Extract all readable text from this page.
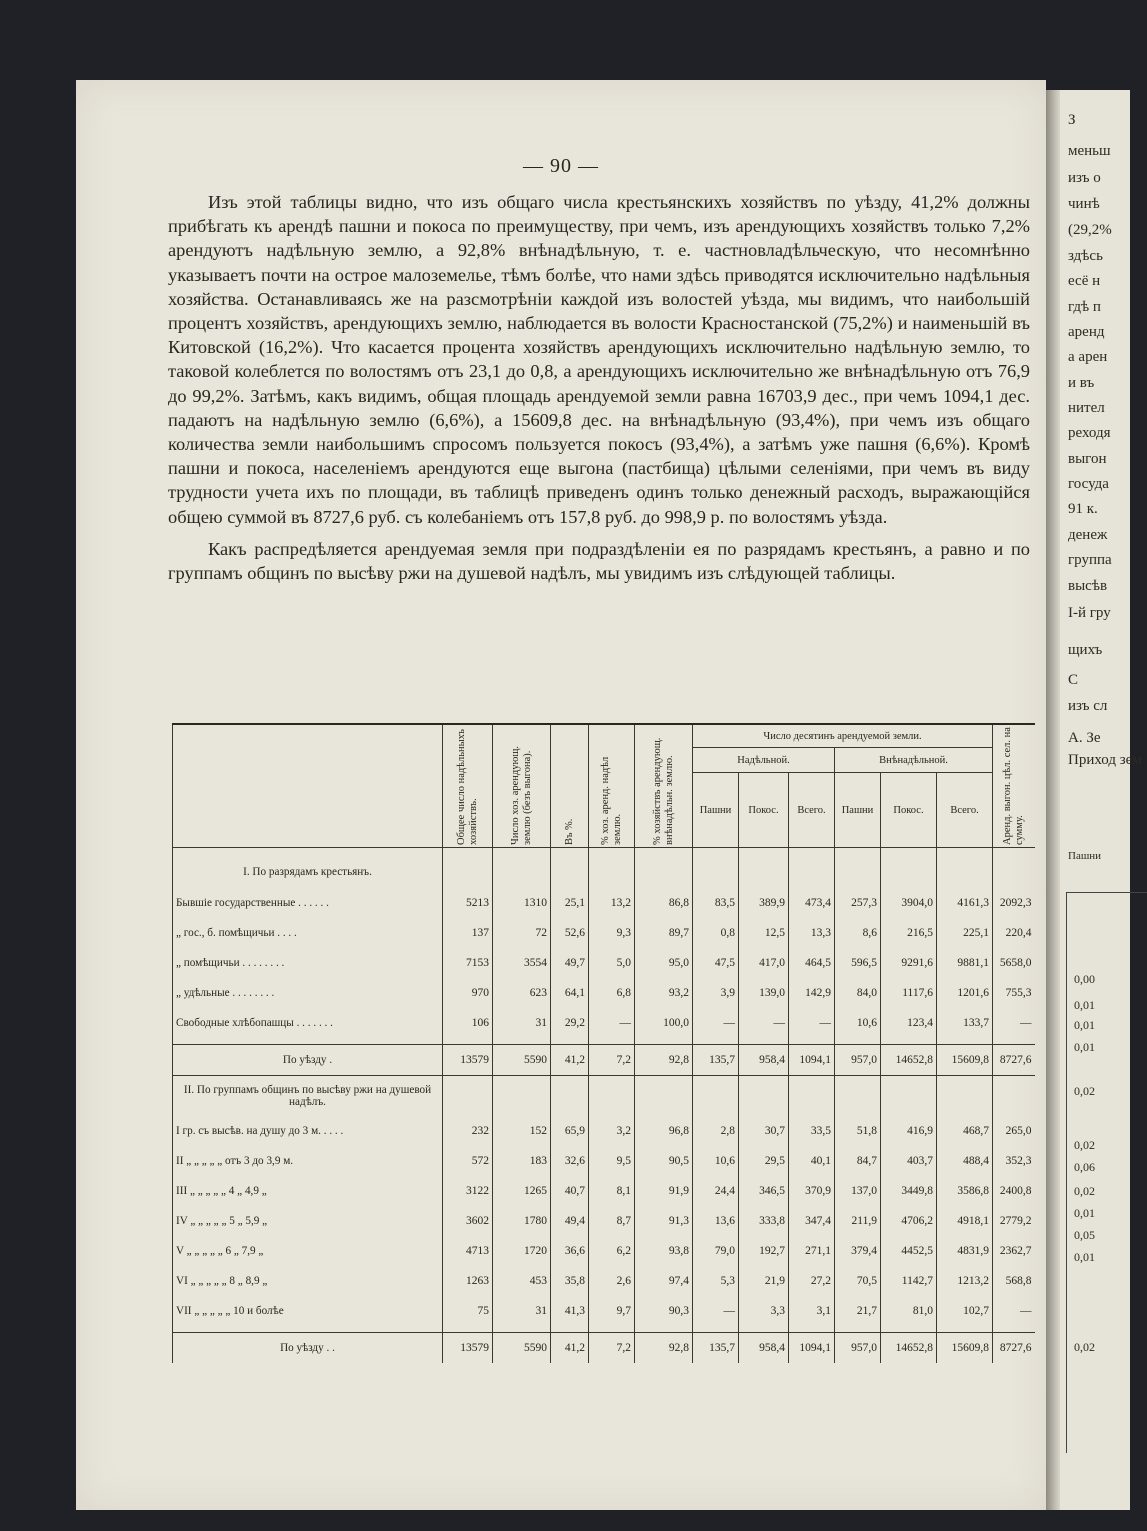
— 90 —

Изъ этой таблицы видно, что изъ общаго числа крестьянскихъ хозяйствъ по уѣзду, 41,2% должны прибѣгать къ арендѣ пашни и покоса по преимуществу, при чемъ, изъ арендующихъ хозяйствъ только 7,2% арендуютъ надѣльную землю, а 92,8% внѣнадѣльную, т. е. частновладѣльческую, что несомнѣнно указываетъ почти на острое малоземелье, тѣмъ болѣе, что нами здѣсь приводятся исключительно надѣльныя хозяйства. Останавливаясь же на разсмотрѣніи каждой изъ волостей уѣзда, мы видимъ, что наибольшій процентъ хозяйствъ, арендующихъ землю, наблюдается въ волости Красностанской (75,2%) и наименьшій въ Китовской (16,2%). Что касается процента хозяйствъ арендующихъ исключительно надѣльную землю, то таковой колеблется по волостямъ отъ 23,1 до 0,8, а арендующихъ исключительно же внѣнадѣльную отъ 76,9 до 99,2%. Затѣмъ, какъ видимъ, общая площадь арендуемой земли равна 16703,9 дес., при чемъ 1094,1 дес. падаютъ на надѣльную землю (6,6%), а 15609,8 дес. на внѣнадѣльную (93,4%), при чемъ изъ общаго количества земли наибольшимъ спросомъ пользуется покосъ (93,4%), а затѣмъ уже пашня (6,6%). Кромѣ пашни и покоса, населеніемъ арендуются еще выгона (пастбища) цѣлыми селеніями, при чемъ въ виду трудности учета ихъ по площади, въ таблицѣ приведенъ одинъ только денежный расходъ, выражающійся общею суммой въ 8727,6 руб. съ колебаніемъ отъ 157,8 руб. до 998,9 р. по волостямъ уѣзда.

Какъ распредѣляется арендуемая земля при подраздѣленіи ея по разрядамъ крестьянъ, а равно и по группамъ общинъ по высѣву ржи на душевой надѣлъ, мы увидимъ изъ слѣдующей таблицы.

	Общее число надѣльныхъ хозяйствъ.	Число хоз. арендующ. землю (безъ выгона).	Въ %.	% хоз. аренд. надѣл землю.	% хозяйствъ арендующ. внѣнадѣльн. землю.	Число десятинъ арендуемой земли.						Аренд. выгон. цѣл. сел. на сумму.

						Надѣльной.			Внѣнадѣльной.			
						Пашни	Покос.	Всего.	Пашни	Покос.	Всего.	

I. По разрядамъ крестьянъ.												
Бывшіе государственные . . . . . .	5213	1310	25,1	13,2	86,8	83,5	389,9	473,4	257,3	3904,0	4161,3	2092,3
„ гос., б. помѣщичьи . . . .	137	72	52,6	9,3	89,7	0,8	12,5	13,3	8,6	216,5	225,1	220,4
„ помѣщичьи . . . . . . . .	7153	3554	49,7	5,0	95,0	47,5	417,0	464,5	596,5	9291,6	9881,1	5658,0
„ удѣльные . . . . . . . .	970	623	64,1	6,8	93,2	3,9	139,0	142,9	84,0	1117,6	1201,6	755,3
Свободные хлѣбопашцы . . . . . . .	106	31	29,2	—	100,0	—	—	—	10,6	123,4	133,7	—

По уѣзду .	13579	5590	41,2	7,2	92,8	135,7	958,4	1094,1	957,0	14652,8	15609,8	8727,6
II. По группамъ общинъ по высѣву ржи на душевой надѣлъ.												
I гр. съ высѣв. на душу до 3 м. . . . .	232	152	65,9	3,2	96,8	2,8	30,7	33,5	51,8	416,9	468,7	265,0
II „ „ „ „ „ отъ 3 до 3,9 м.	572	183	32,6	9,5	90,5	10,6	29,5	40,1	84,7	403,7	488,4	352,3
III „ „ „ „ „ 4 „ 4,9 „	3122	1265	40,7	8,1	91,9	24,4	346,5	370,9	137,0	3449,8	3586,8	2400,8
IV „ „ „ „ „ 5 „ 5,9 „	3602	1780	49,4	8,7	91,3	13,6	333,8	347,4	211,9	4706,2	4918,1	2779,2
V „ „ „ „ „ 6 „ 7,9 „	4713	1720	36,6	6,2	93,8	79,0	192,7	271,1	379,4	4452,5	4831,9	2362,7
VI „ „ „ „ „ 8 „ 8,9 „	1263	453	35,8	2,6	97,4	5,3	21,9	27,2	70,5	1142,7	1213,2	568,8
VII „ „ „ „ „ 10 и болѣе	75	31	41,3	9,7	90,3	—	3,3	3,1	21,7	81,0	102,7	—

По уѣзду . .	13579	5590	41,2	7,2	92,8	135,7	958,4	1094,1	957,0	14652,8	15609,8	8727,6
З
меньш
изъ о
чинѣ
(29,2%
здѣсь
есё н
гдѣ п
аренд
а арен
и въ
нител
реходя
выгон
госуда
91 к.
денеж
группа
высѣв
І-й гру
щихъ
С
изъ сл
А. Зе
Приход зем
Пашни
0,00
0,01
0,01
0,01
0,02
0,02
0,06
0,02
0,01
0,05
0,01
0,02
